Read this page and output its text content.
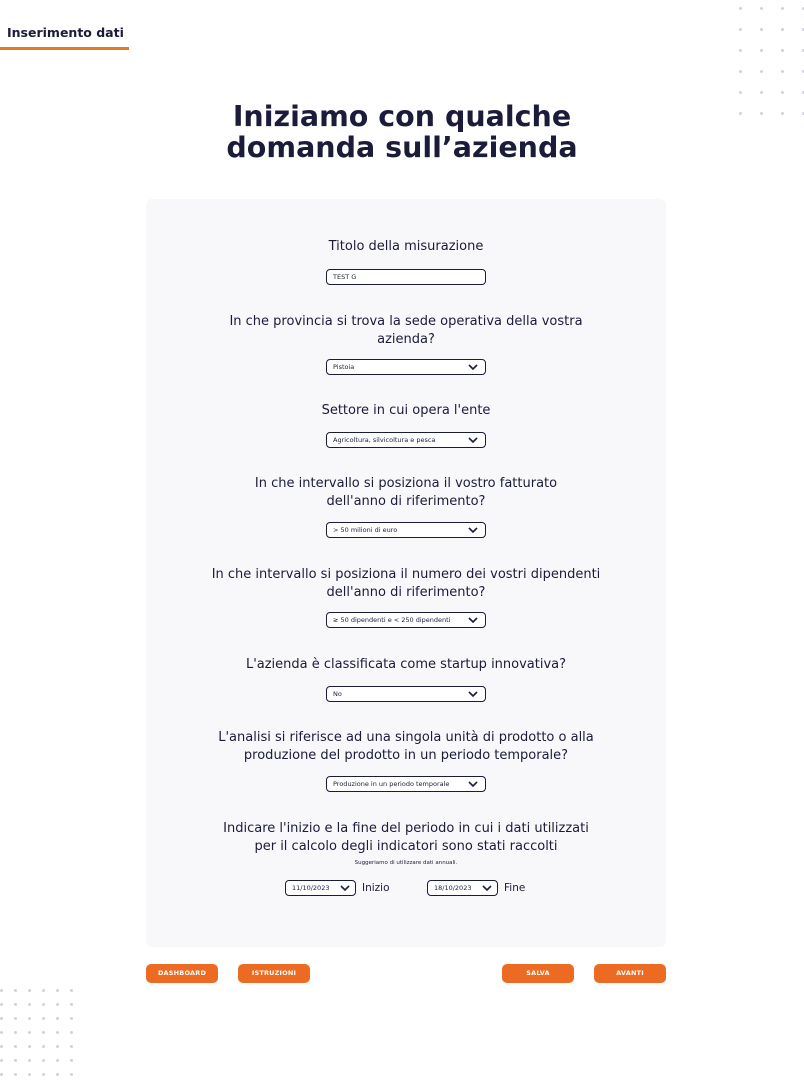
Inserimento dati
Iniziamo con qualche
domanda sull’azienda
Titolo della misurazione
TEST G
In che provincia si trova la sede operativa della vostra
azienda?
Pistoia
Settore in cui opera l'ente
Agricoltura, silvicoltura e pesca
In che intervallo si posiziona il vostro fatturato
dell'anno di riferimento?
> 50 milioni di euro
In che intervallo si posiziona il numero dei vostri dipendenti
dell'anno di riferimento?
≥ 50 dipendenti e < 250 dipendenti
L'azienda è classificata come startup innovativa?
No
L'analisi si riferisce ad una singola unità di prodotto o alla
produzione del prodotto in un periodo temporale?
Produzione in un periodo temporale
Indicare l'inizio e la fine del periodo in cui i dati utilizzati
per il calcolo degli indicatori sono stati raccolti
Suggeriamo di utilizzare dati annuali.
11/10/2023	Inizio	18/10/2023	Fine
DASHBOARD	ISTRUZIONI	SALVA	AVANTI
